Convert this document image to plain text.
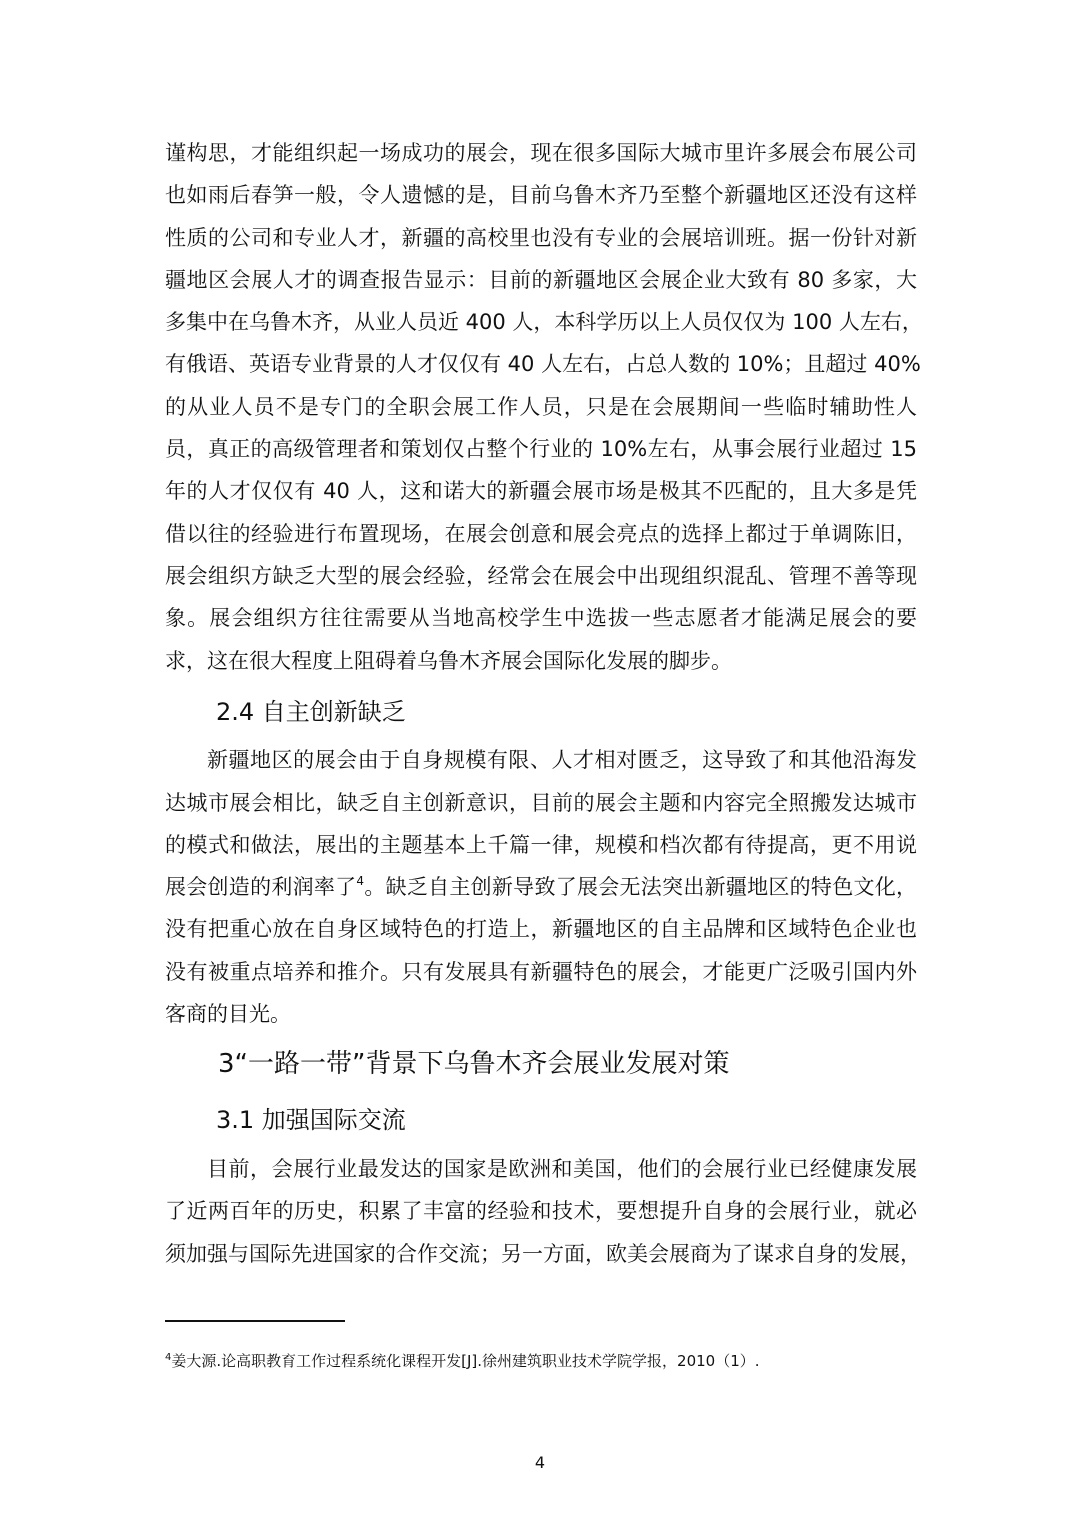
谨构思，才能组织起一场成功的展会，现在很多国际大城市里许多展会布展公司
也如雨后春笋一般，令人遗憾的是，目前乌鲁木齐乃至整个新疆地区还没有这样
性质的公司和专业人才，新疆的高校里也没有专业的会展培训班。据一份针对新
疆地区会展人才的调查报告显示：目前的新疆地区会展企业大致有 80 多家，大
多集中在乌鲁木齐，从业人员近 400 人，本科学历以上人员仅仅为 100 人左右，
有俄语、英语专业背景的人才仅仅有 40 人左右，占总人数的 10%；且超过 40%
的从业人员不是专门的全职会展工作人员，只是在会展期间一些临时辅助性人
员，真正的高级管理者和策划仅占整个行业的 10%左右，从事会展行业超过 15
年的人才仅仅有 40 人，这和诺大的新疆会展市场是极其不匹配的，且大多是凭
借以往的经验进行布置现场，在展会创意和展会亮点的选择上都过于单调陈旧，
展会组织方缺乏大型的展会经验，经常会在展会中出现组织混乱、管理不善等现
象。展会组织方往往需要从当地高校学生中选拔一些志愿者才能满足展会的要
求，这在很大程度上阻碍着乌鲁木齐展会国际化发展的脚步。
2.4 自主创新缺乏
新疆地区的展会由于自身规模有限、人才相对匮乏，这导致了和其他沿海发
达城市展会相比，缺乏自主创新意识，目前的展会主题和内容完全照搬发达城市
的模式和做法，展出的主题基本上千篇一律，规模和档次都有待提高，更不用说
展会创造的利润率了$^4$。缺乏自主创新导致了展会无法突出新疆地区的特色文化，
没有把重心放在自身区域特色的打造上，新疆地区的自主品牌和区域特色企业也
没有被重点培养和推介。只有发展具有新疆特色的展会，才能更广泛吸引国内外
客商的目光。
3“一路一带”背景下乌鲁木齐会展业发展对策
3.1 加强国际交流
目前，会展行业最发达的国家是欧洲和美国，他们的会展行业已经健康发展
了近两百年的历史，积累了丰富的经验和技术，要想提升自身的会展行业，就必
须加强与国际先进国家的合作交流；另一方面，欧美会展商为了谋求自身的发展，
$^4$姜大源.论高职教育工作过程系统化课程开发[J].徐州建筑职业技术学院学报，2010（1）.
4
